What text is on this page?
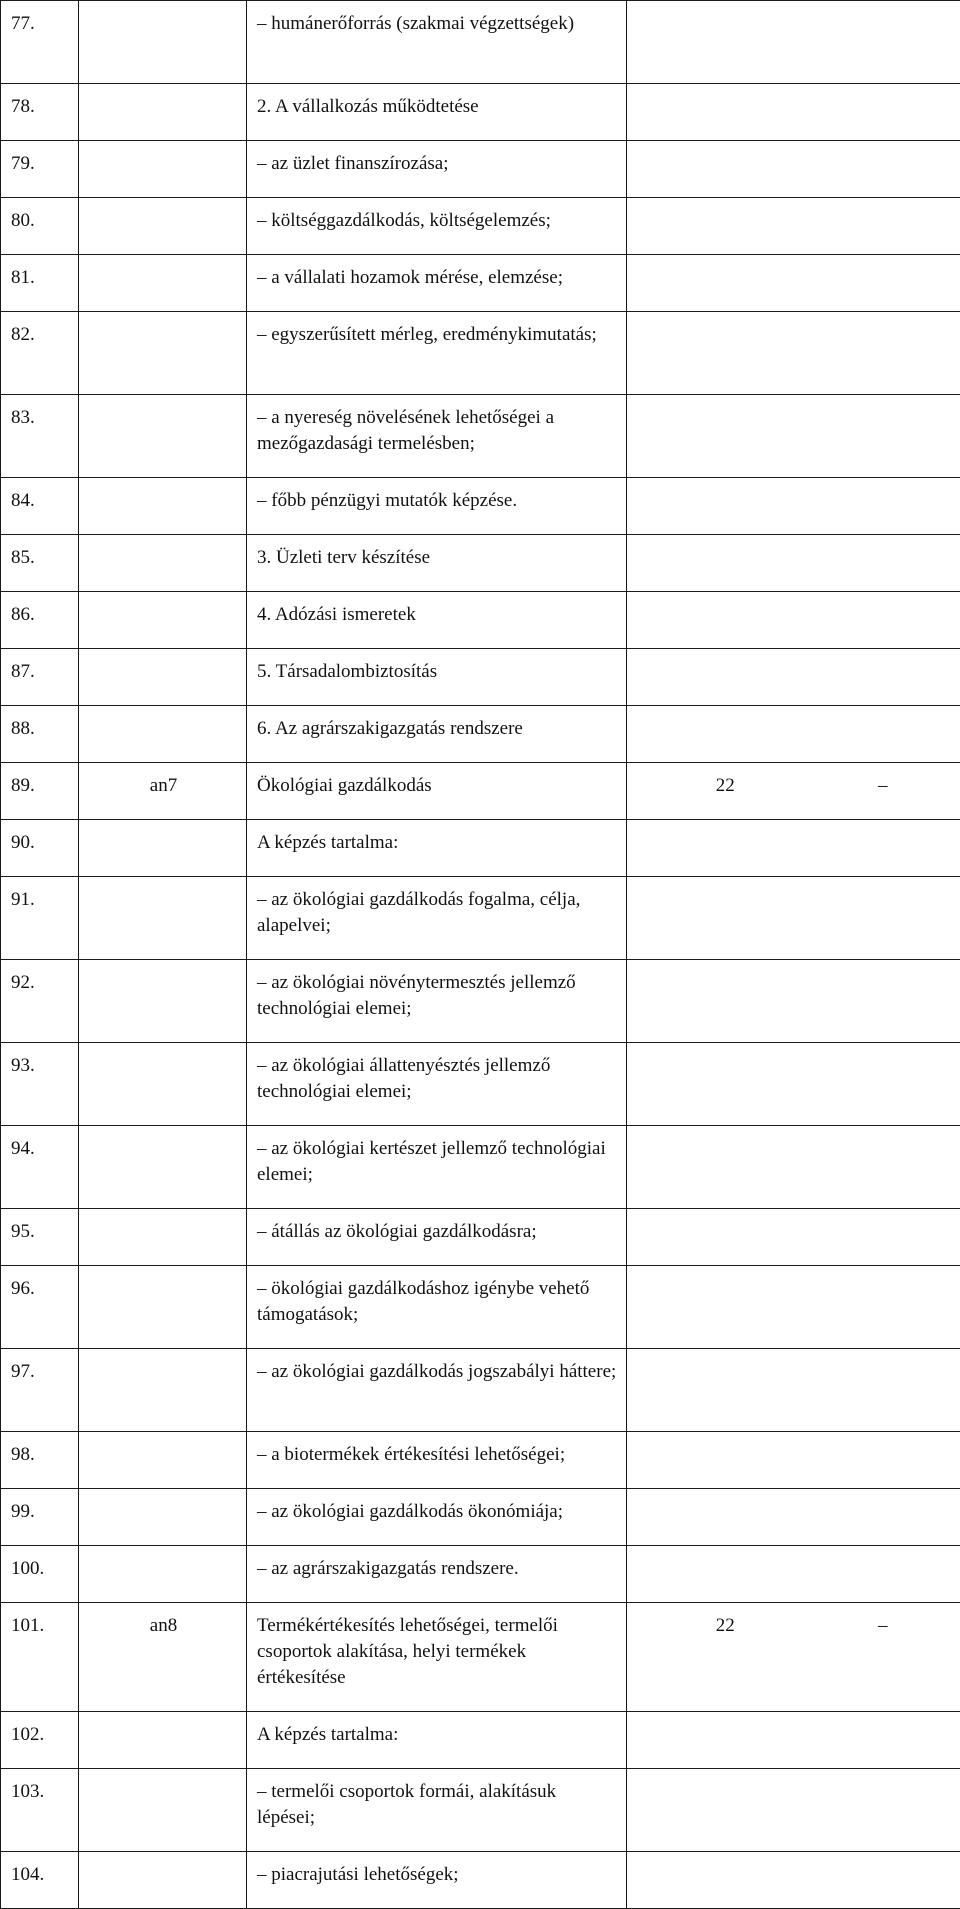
77.		– humánerőforrás (szakmai végzettségek)	

78.		2. A vállalkozás működtetése	

79.		– az üzlet finanszírozása;	

80.		– költséggazdálkodás, költségelemzés;	

81.		– a vállalati hozamok mérése, elemzése;	

82.		– egyszerűsített mérleg, eredménykimutatás;	

83.		– a nyereség növelésének lehetőségei a mezőgazdasági termelésben;	

84.		– főbb pénzügyi mutatók képzése.	

85.		3. Üzleti terv készítése	

86.		4. Adózási ismeretek	

87.		5. Társadalombiztosítás	

88.		6. Az agrárszakigazgatás rendszere	

89.	an7	Ökológiai gazdálkodás	22 –

90.		A képzés tartalma:	

91.		– az ökológiai gazdálkodás fogalma, célja, alapelvei;	

92.		– az ökológiai növénytermesztés jellemző technológiai elemei;	

93.		– az ökológiai állattenyésztés jellemző technológiai elemei;	

94.		– az ökológiai kertészet jellemző technológiai elemei;	

95.		– átállás az ökológiai gazdálkodásra;	

96.		– ökológiai gazdálkodáshoz igénybe vehető támogatások;	

97.		– az ökológiai gazdálkodás jogszabályi háttere;	

98.		– a biotermékek értékesítési lehetőségei;	

99.		– az ökológiai gazdálkodás ökonómiája;	

100.		– az agrárszakigazgatás rendszere.	

101.	an8	Termékértékesítés lehetőségei, termelői csoportok alakítása, helyi termékek értékesítése	22 –

102.		A képzés tartalma:	

103.		– termelői csoportok formái, alakításuk lépései;	

104.		– piacrajutási lehetőségek;	
